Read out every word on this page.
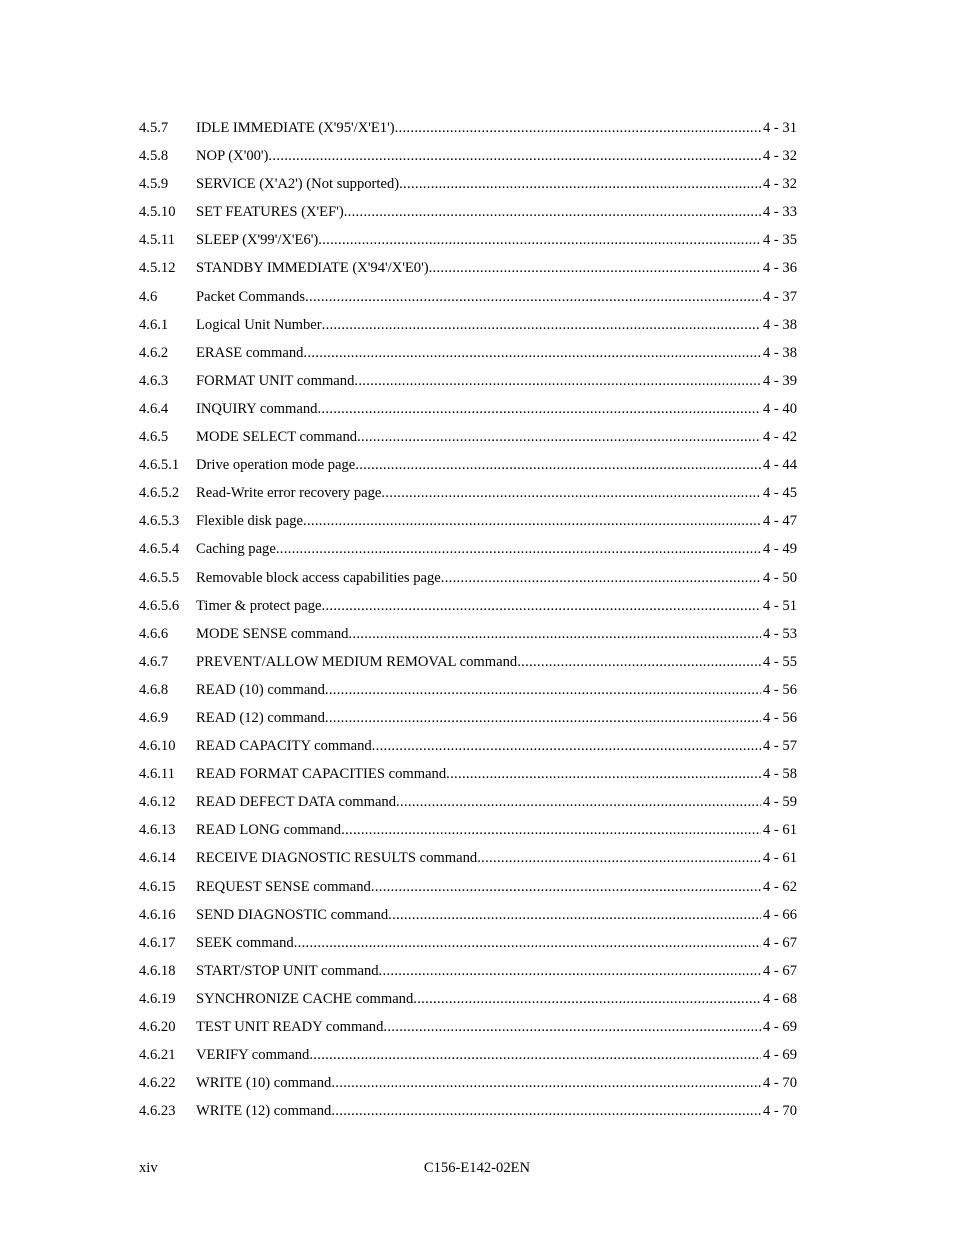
4.5.7	IDLE IMMEDIATE (X'95'/X'E1') .....	4 - 31
4.5.8	NOP (X'00') .....	4 - 32
4.5.9	SERVICE (X'A2') (Not supported) .....	4 - 32
4.5.10	SET FEATURES (X'EF') .....	4 - 33
4.5.11	SLEEP (X'99'/X'E6') .....	4 - 35
4.5.12	STANDBY IMMEDIATE (X'94'/X'E0') .....	4 - 36
4.6	Packet Commands .....	4 - 37
4.6.1	Logical Unit Number .....	4 - 38
4.6.2	ERASE command .....	4 - 38
4.6.3	FORMAT UNIT command .....	4 - 39
4.6.4	INQUIRY command .....	4 - 40
4.6.5	MODE SELECT command .....	4 - 42
4.6.5.1	Drive operation mode page .....	4 - 44
4.6.5.2	Read-Write error recovery page .....	4 - 45
4.6.5.3	Flexible disk page .....	4 - 47
4.6.5.4	Caching page .....	4 - 49
4.6.5.5	Removable block access capabilities page .....	4 - 50
4.6.5.6	Timer & protect page .....	4 - 51
4.6.6	MODE SENSE command .....	4 - 53
4.6.7	PREVENT/ALLOW MEDIUM REMOVAL command .....	4 - 55
4.6.8	READ (10) command .....	4 - 56
4.6.9	READ (12) command .....	4 - 56
4.6.10	READ CAPACITY command .....	4 - 57
4.6.11	READ FORMAT CAPACITIES command .....	4 - 58
4.6.12	READ DEFECT DATA command .....	4 - 59
4.6.13	READ LONG command .....	4 - 61
4.6.14	RECEIVE DIAGNOSTIC RESULTS command .....	4 - 61
4.6.15	REQUEST SENSE command .....	4 - 62
4.6.16	SEND DIAGNOSTIC command .....	4 - 66
4.6.17	SEEK command .....	4 - 67
4.6.18	START/STOP UNIT command .....	4 - 67
4.6.19	SYNCHRONIZE CACHE command .....	4 - 68
4.6.20	TEST UNIT READY command .....	4 - 69
4.6.21	VERIFY command .....	4 - 69
4.6.22	WRITE (10) command .....	4 - 70
4.6.23	WRITE (12) command .....	4 - 70
xiv	C156-E142-02EN
